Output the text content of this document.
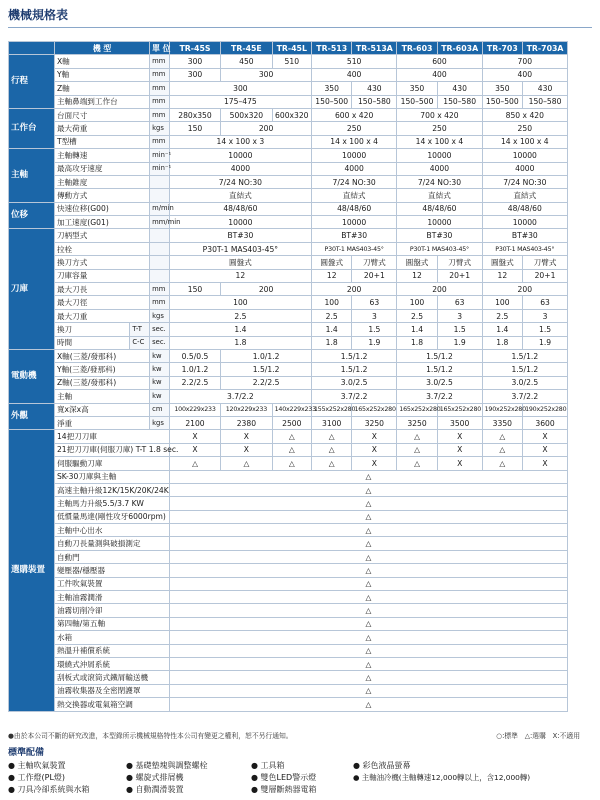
機械規格表
	機 型		單 位	TR-45S	TR-45E	TR-45L	TR-513	TR-513A	TR-603	TR-603A	TR-703	TR-703A
行程	X軸		mm	300	450	510	510		600		700	
	Y軸		mm	300	300		400		400		400	
	Z軸		mm	300			350	430	350	430	350	430
	主軸鼻端到工作台		mm	175–475			150–500	150–580	150–500	150–580	150–500	150–580
工作台	台面尺寸		mm	280x350	500x320	600x320	600 x 420		700 x 420		850 x 420	
	最大荷重		kgs	150	200		250		250		250	
	T型槽		mm	14 x 100 x 3			14 x 100 x 4		14 x 100 x 4		14 x 100 x 4	
主軸	主軸轉速		min⁻¹	10000			10000		10000		10000	
	最高攻牙速度		min⁻¹	4000			4000		4000		4000	
	主軸錐度			7/24 NO:30			7/24 NO:30		7/24 NO:30		7/24 NO:30	
	傳動方式			直結式			直結式		直結式		直結式	
位移	快速位移(G00)		m/min	48/48/60			48/48/60		48/48/60		48/48/60	
	加工速度(G01)		mm/min	10000			10000		10000		10000	
刀庫	刀柄型式			BT#30			BT#30		BT#30		BT#30	
	拉栓			P30T-1 MAS403-45°			P30T-1 MAS403-45°		P30T-1 MAS403-45°		P30T-1 MAS403-45°	
	換刀方式			圓盤式			圓盤式	刀臂式	圓盤式	刀臂式	圓盤式	刀臂式
	刀庫容量			12			12	20+1	12	20+1	12	20+1
	最大刀長		mm	150	200		200		200		200	
	最大刀徑		mm	100			100	63	100	63	100	63
	最大刀重		kgs	2.5			2.5	3	2.5	3	2.5	3
	換刀	T-T	sec.	1.4			1.4	1.5	1.4	1.5	1.4	1.5
	時間	C-C	sec.	1.8			1.8	1.9	1.8	1.9	1.8	1.9
電動機	X軸(三菱/發那科)		kw	0.5/0.5	1.0/1.2		1.5/1.2		1.5/1.2		1.5/1.2	
	Y軸(三菱/發那科)		kw	1.0/1.2	1.5/1.2		1.5/1.2		1.5/1.2		1.5/1.2	
	Z軸(三菱/發那科)		kw	2.2/2.5	2.2/2.5		3.0/2.5		3.0/2.5		3.0/2.5	
	主軸		kw	3.7/2.2			3.7/2.2		3.7/2.2		3.7/2.2	
外觀	寬x深x高		cm	100x229x233	120x229x233	140x229x233	155x252x280	165x252x280	165x252x280	165x252x280	190x252x280	190x252x280
	淨重		kgs	2100	2380	2500	3100	3250	3250	3500	3350	3600
選購裝置	14把刀刀庫			X	X	△	△	X	△	X	△	X
	21把刀刀庫(伺服刀庫) T-T 1.8 sec.			X	X	△	△	X	△	X	△	X
	伺服驅動刀庫			△	△	△	△	X	△	X	△	X
	SK-30刀庫與主軸			△								
	高速主軸升級12K/15K/20K/24K			△								
	主軸馬力升級5.5/3.7 KW			△								
	低慣量馬達(剛性攻牙6000rpm)			△								
	主軸中心出水			△								
	自動刀長量測與破損測定			△								
	自動門			△								
	變壓器/穩壓器			△								
	工件吹氣裝置			△								
	主軸油霧潤滑			△								
	油霧切削冷卻			△								
	第四軸/第五軸			△								
	水箱			△								
	熱溫升補償系統			△								
	環繞式沖屑系統			△								
	刮板式或滾筒式鐵屑輸送機			△								
	油霧收集器及全密閉護罩			△								
	熱交換器或電氣箱空調			△								
●由於本公司不斷的研究改進，本型錄所示機械規格特性本公司有變更之權利，恕不另行通知。	○:標準　△:選購　X:不適用
標準配備
● 主軸吹氣裝置	● 基礎墊塊與調整螺栓	● 工具箱	● 彩色液晶螢幕
● 工作燈(PL燈)	● 螺旋式排屑機	● 雙色LED警示燈	● 主軸油冷機(主軸轉速12,000轉以上，含12,000轉)
● 刀具冷卻系統與水箱	● 自動潤滑裝置	● 雙層斷熱器電箱
